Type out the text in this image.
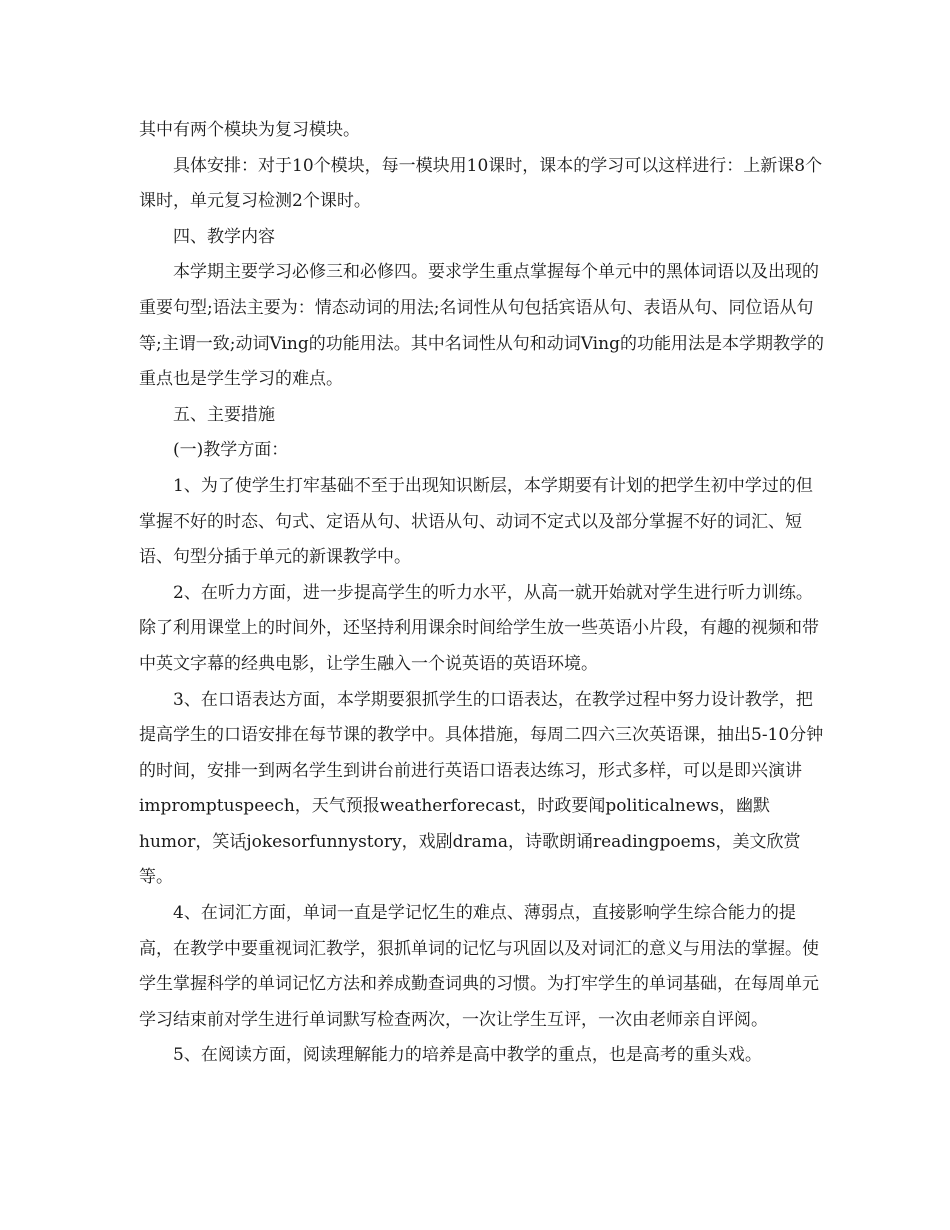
其中有两个模块为复习模块。

具体安排：对于10个模块，每一模块用10课时，课本的学习可以这样进行：上新课8个课时，单元复习检测2个课时。

四、教学内容

本学期主要学习必修三和必修四。要求学生重点掌握每个单元中的黑体词语以及出现的重要句型;语法主要为：情态动词的用法;名词性从句包括宾语从句、表语从句、同位语从句等;主谓一致;动词Ving的功能用法。其中名词性从句和动词Ving的功能用法是本学期教学的重点也是学生学习的难点。

五、主要措施

(一)教学方面：

1、为了使学生打牢基础不至于出现知识断层，本学期要有计划的把学生初中学过的但掌握不好的时态、句式、定语从句、状语从句、动词不定式以及部分掌握不好的词汇、短语、句型分插于单元的新课教学中。

2、在听力方面，进一步提高学生的听力水平，从高一就开始就对学生进行听力训练。除了利用课堂上的时间外，还坚持利用课余时间给学生放一些英语小片段，有趣的视频和带中英文字幕的经典电影，让学生融入一个说英语的英语环境。

3、在口语表达方面，本学期要狠抓学生的口语表达，在教学过程中努力设计教学，把提高学生的口语安排在每节课的教学中。具体措施，每周二四六三次英语课，抽出5-10分钟的时间，安排一到两名学生到讲台前进行英语口语表达练习，形式多样，可以是即兴演讲impromptuspeech，天气预报weatherforecast，时政要闻politicalnews，幽默humor，笑话jokesorfunnystory，戏剧drama，诗歌朗诵readingpoems，美文欣赏等。

4、在词汇方面，单词一直是学记忆生的难点、薄弱点，直接影响学生综合能力的提高，在教学中要重视词汇教学，狠抓单词的记忆与巩固以及对词汇的意义与用法的掌握。使学生掌握科学的单词记忆方法和养成勤查词典的习惯。为打牢学生的单词基础，在每周单元学习结束前对学生进行单词默写检查两次，一次让学生互评，一次由老师亲自评阅。

5、在阅读方面，阅读理解能力的培养是高中教学的重点，也是高考的重头戏。
